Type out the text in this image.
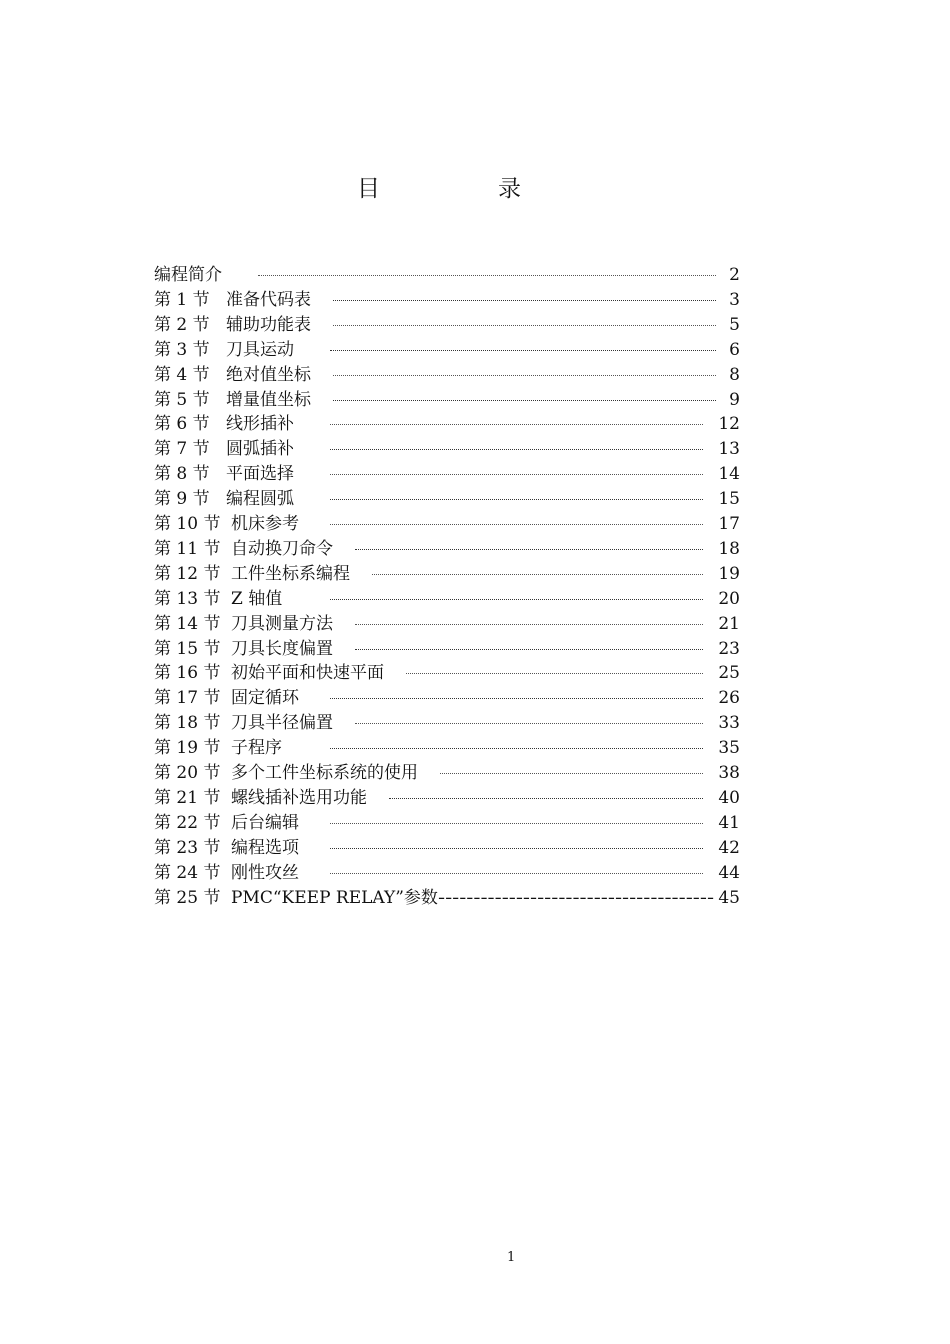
目	录
编程简介	2
第 1 节 准备代码表	3
第 2 节 辅助功能表	5
第 3 节 刀具运动	6
第 4 节 绝对值坐标	8
第 5 节 增量值坐标	9
第 6 节 线形插补	12
第 7 节 圆弧插补	13
第 8 节 平面选择	14
第 9 节 编程圆弧	15
第 10 节 机床参考	17
第 11 节 自动换刀命令	18
第 12 节 工件坐标系编程	19
第 13 节 Z 轴值	20
第 14 节 刀具测量方法	21
第 15 节 刀具长度偏置	23
第 16 节 初始平面和快速平面	25
第 17 节 固定循环	26
第 18 节 刀具半径偏置	33
第 19 节 子程序	35
第 20 节 多个工件坐标系统的使用	38
第 21 节 螺线插补选用功能	40
第 22 节 后台编辑	41
第 23 节 编程选项	42
第 24 节 刚性攻丝	44
第 25 节 PMC“KEEP RELAY”参数	45
---------------------------------------
1
